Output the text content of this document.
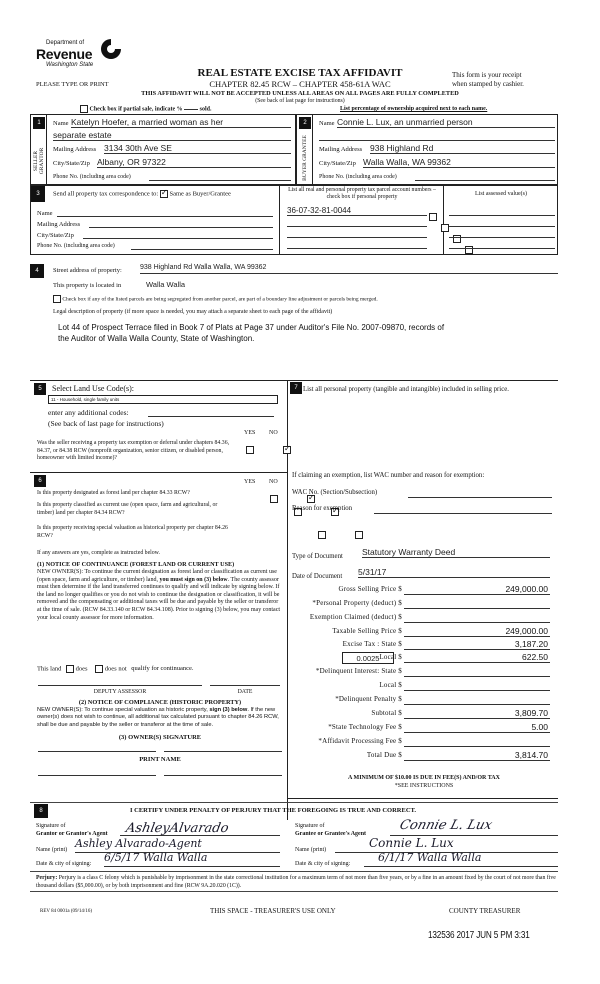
Department of
Revenue
Washington State
PLEASE TYPE OR PRINT
REAL ESTATE EXCISE TAX AFFIDAVIT
CHAPTER 82.45 RCW – CHAPTER 458-61A WAC
This form is your receipt
when stamped by cashier.
THIS AFFIDAVIT WILL NOT BE ACCEPTED UNLESS ALL AREAS ON ALL PAGES ARE FULLY COMPLETED
(See back of last page for instructions)
Check box if partial sale, indicate %	sold.	List percentage of ownership acquired next to each name.
1
SELLER GRANTOR
Name Katelyn Hoefer, a married woman as her
separate estate
Mailing Address 3134 30th Ave SE
City/State/Zip Albany, OR 97322
Phone No. (including area code)
2
BUYER GRANTEE
Name Connie L. Lux, an unmarried person
Mailing Address 938 Highland Rd
City/State/Zip Walla Walla, WA 99362
Phone No. (including area code)
3	Send all property tax correspondence to: ✓ Same as Buyer/Grantee
Name
Mailing Address
City/State/Zip
Phone No. (including area code)
List all real and personal property tax parcel account numbers – check box if personal property	List assessed value(s)
36-07-32-81-0044

4	Street address of property:	938 Highland Rd Walla Walla, WA 99362
This property is located in	Walla Walla
Check box if any of the listed parcels are being segregated from another parcel, are part of a boundary line adjustment or parcels being merged.
Legal description of property (if more space is needed, you may attach a separate sheet to each page of the affidavit)
Lot 44 of Prospect Terrace filed in Book 7 of Plats at Page 37 under Auditor's File No. 2007-09870, records of
the Auditor of Walla Walla County, State of Washington.
5	Select Land Use Code(s):
11 - Household, single family units
enter any additional codes:
(See back of last page for instructions)
YES NO
Was the seller receiving a property tax exemption or deferral under chapters 84.36, 84.37, or 84.38 RCW (nonprofit organization, senior citizen, or disabled person, homeowner with limited income)?
✓
6	YES NO
Is this property designated as forest land per chapter 84.33 RCW?
✓
Is this property classified as current use (open space, farm and agricultural, or timber) land per chapter 84.34 RCW?
✓
Is this property receiving special valuation as historical property per chapter 84.26 RCW?

If any answers are yes, complete as instructed below.
(1) NOTICE OF CONTINUANCE (FOREST LAND OR CURRENT USE)
NEW OWNER(S): To continue the current designation as forest land or classification as current use (open space, farm and agriculture, or timber) land, you must sign on (3) below. The county assessor must then determine if the land transferred continues to qualify and will indicate by signing below. If the land no longer qualifies or you do not wish to continue the designation or classification, it will be removed and the compensating or additional taxes will be due and payable by the seller or transferor at the time of sale. (RCW 84.33.140 or RCW 84.34.108). Prior to signing (3) below, you may contact your local county assessor for more information.
This land does	does not qualify for continuance.
DEPUTY ASSESSOR	DATE
(2) NOTICE OF COMPLIANCE (HISTORIC PROPERTY)
NEW OWNER(S): To continue special valuation as historic property, sign (3) below. If the new owner(s) does not wish to continue, all additional tax calculated pursuant to chapter 84.26 RCW, shall be due and payable by the seller or transferor at the time of sale.
(3) OWNER(S) SIGNATURE
PRINT NAME
7 List all personal property (tangible and intangible) included in selling price.
If claiming an exemption, list WAC number and reason for exemption:
WAC No. (Section/Subsection)
Reason for exemption
Type of Document Statutory Warranty Deed
Date of Document 5/31/17
Gross Selling Price $	249,000.00
*Personal Property (deduct) $
Exemption Claimed (deduct) $
Taxable Selling Price $	249,000.00
Excise Tax : State $	3,187.20
0.0025 Local $	622.50
*Delinquent Interest: State $
Local $
*Delinquent Penalty $
Subtotal $	3,809.70
*State Technology Fee $	5.00
*Affidavit Processing Fee $
Total Due $	3,814.70
A MINIMUM OF $10.00 IS DUE IN FEE(S) AND/OR TAX
*SEE INSTRUCTIONS
8	I CERTIFY UNDER PENALTY OF PERJURY THAT THE FOREGOING IS TRUE AND CORRECT.
Signature of
Grantor or Grantor's Agent AshleyAlvarado
Name (print) Ashley Alvarado-Agent
Date & city of signing: 6/5/17 Walla Walla
Signature of
Grantee or Grantee's Agent
Connie L. Lux
Name (print)	Connie L. Lux
Date & city of signing:	6/1/17 Walla Walla
Perjury: Perjury is a class C felony which is punishable by imprisonment in the state correctional institution for a maximum term of not more than five years, or by a fine in an amount fixed by the court of not more than five thousand dollars ($5,000.00), or by both imprisonment and fine (RCW 9A.20.020 (1C)).
REV 84 0001a (09/14/16)	THIS SPACE - TREASURER'S USE ONLY	COUNTY TREASURER
132536 2017 JUN 5 PM 3:31
